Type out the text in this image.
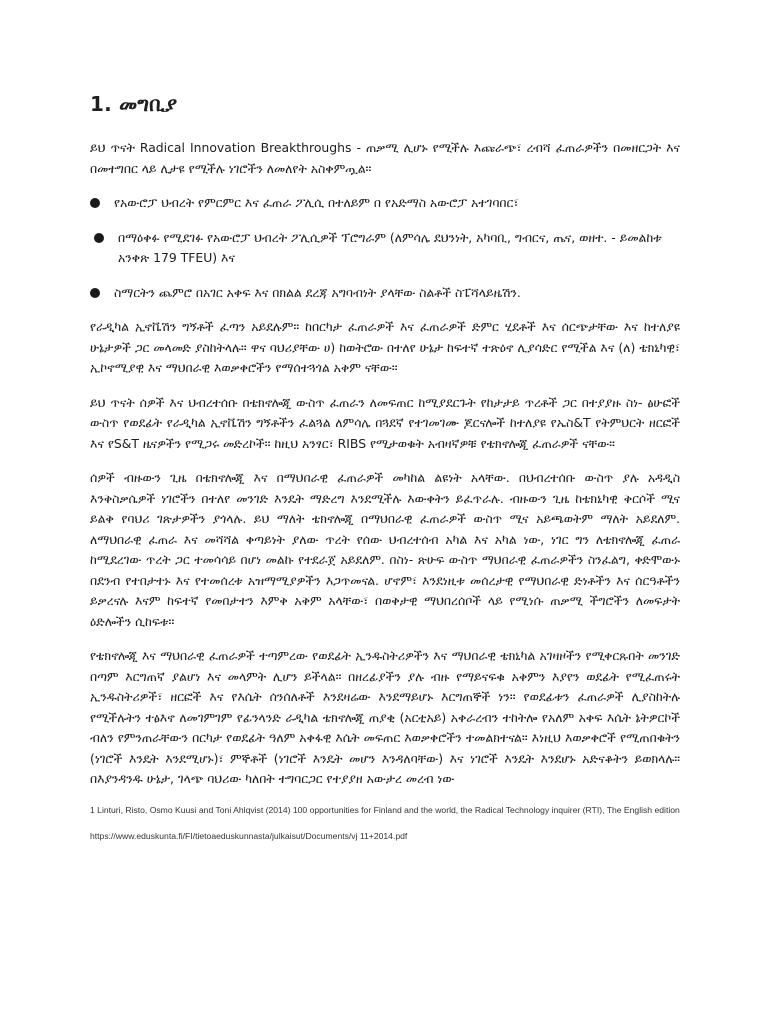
1. መግቢያ

ይህ ጥናት Radical Innovation Breakthroughs - ጠቃሚ ሊሆኑ የሚችሉ እጩራጭ፣ ረብሻ ፈጠራዎችን በመዘርጋት እና በመተግበር ላይ ሊታዩ የሚችሉ ነገሮችን ለመለየት አስቀምጧል።

የአውሮፓ ህብረት የምርምር እና ፈጠራ ፖሊሲ በተለይም በ የአድማስ አውሮፓ አተገባበር፣
በማዕቀፉ የሚደገፉ የአውሮፓ ህብረት ፖሊሲዎች ፕሮግራም (ለምሳሌ ደህንነት, አካባቢ, ግብርና, ጤና, ወዘተ. - ይመልከቱ አንቀጽ 179 TFEU) እና
ስማርትን ጨምሮ በአገር አቀፍ እና በክልል ደረጃ አግባብነት ያላቸው ስልቶች ስፔሻላይዜሽን.

የራዲካል ኢኖቬሽን ግኝቶች ፈጣን አይደሉም። ከበርካታ ፈጠራዎች እና ፈጠራዎች ድምር ሂደቶች እና ሰርጭታቸው እና ከተለያዩ ሁኔታዎች ጋር መላመድ ያስከትላሉ። ዋና ባህሪያቸው ሀ) ከወትሮው በተለየ ሁኔታ ከፍተኛ ተጽዕኖ ሊያሳድር የሚችል እና (ለ) ቴክኒካዊ፣ ኢኮኖሚያዊ እና ማህበራዊ እወቃቀሮችን የማሰተጓጎል አቅም ናቸው።

ይህ ጥናት ሰዎች እና ህብረተሰቡ በቴክኖሎጂ ውስጥ ፈጠራን ለመፍጠር ከሚያደርጉት የከታታይ ጥረቶች ጋር በተያያዙ ስነ- ፅሁፎች ውስጥ የወደፊት የራዲካል ኢኖቬሽን ግኝቶችን ፈልጓል ለምሳሌ በጓደኛ የተገመገሙ ጆርናሎች ከተለያዩ የኤስ&T የትምህርት ዘርፎች እና የS&T ዜናዎችን የሚጋሩ መድረኮች። ከዚህ አንፃር፣ RIBS የሚታወቁት አብዛኛዎቹ የቴክኖሎጂ ፈጠራዎች ናቸው።

ሰዎች ብዙውን ጊዜ በቴክኖሎጂ እና በማህበራዊ ፈጠራዎች መካከል ልዩነት አላቸው. በህብረተሰቡ ውስጥ ያሉ አዳዲስ እንቅስቃሴዎች ነገሮችን በተለየ መንገድ እንዴት ማድረግ እንደሚችሉ እውቀትን ይፈጥራሉ. ብዙውን ጊዜ ከቴክኒካዊ ቅርሶች ሚና ይልቅ የባህሪ ገጽታዎችን ያጎላሉ. ይህ ማለት ቴክኖሎጂ በማህበራዊ ፈጠራዎች ውስጥ ሚና አይጫወትም ማለት አይደለም. ለማህበራዊ ፈጠራ እና መሻሻል ቀጣይነት ያለው ጥረት የሰው ህብረተሰብ አካል እና አካል ነው, ነገር ግን ለቴክኖሎጂ ፈጠራ ከሚደረገው ጥረት ጋር ተመሳሳይ በሆነ መልኩ የተደራጀ አይደለም. በስነ- ጽሁፍ ውስጥ ማህበራዊ ፈጠራዎችን ስንፈልግ, ቀድሞውኑ በደንብ የተበታተኑ እና የተመሰረቱ አዝማሚያዎችን እጋጥመናል. ሆኖም፣ እንደነዚቱ መሰረታዊ የማህበራዊ ድነቶችን እና ሰርዓቶችን ይቃረናሉ እናም ከፍተኛ የመበታተን እምቅ አቅም አላቸው፣ በወቅታዊ ማህበረሰቦች ላይ የሚነሱ ጠቃሚ ችግሮችን ለመፍታት ዕድሎችን ሲከፍቱ።

የቴክኖሎጂ እና ማህበራዊ ፈጠራዎች ተጣምረው የወደፊት ኢንዱስትሪዎችን እና ማህበራዊ ቴክኒካል አገዛዞችን የሚቀርጹበት መንገድ በጣም እርግጠኛ ያልሆነ እና መላምት ሊሆን ይችላል። በዘረፊያችን ያሉ ብዙ የማይናፍቁ አቅምን እያየን ወደፊት የሚፈጠሩት ኢንዱስትሪዎች፣ ዘርፎች እና የእሴት ሰንሰለቶች እንደዛሬው እንደማይሆኑ እርግጠኞች ነን። የወደፊቱን ፈጠራዎች ሊያስከትሉ የሚችሉትን ተፅእኖ ለመገምገም የፊንላንድ ራዲካል ቴክኖሎጂ ጠያቂ (አርቲአይ) አቀራረብን ተከትሎ የአለም አቀፍ እሴት ኔትዎርኮች ብለን የምንጠራቸውን በርካታ የወደፊት ዓለም አቀፋዊ እሴት መፍጠር እወቃቀሮችን ተመልክተናል። እነዚህ እወቃቀሮች የሚጠበቁትን (ነገሮች እንዴት እንደሚሆኑ)፣ ምኞቶች (ነገሮች እንዴት መሆን እንዳለባቸው) እና ነገሮች እንዴት እንደሆኑ አድናቆትን ይወክላሉ። በእያንዳንዱ ሁኔታ, ገላጭ ባህሪው ካለበት ተግባርጋር የተያያዘ አውታረ መረብ ነው

1 Linturi, Risto, Osmo Kuusi and Toni Ahlqvist (2014) 100 opportunities for Finland and the world, the Radical Technology inquirer (RTI), The English edition

https://www.eduskunta.fi/FI/tietoaeduskunnasta/julkaisut/Documents/vj 11+2014.pdf
